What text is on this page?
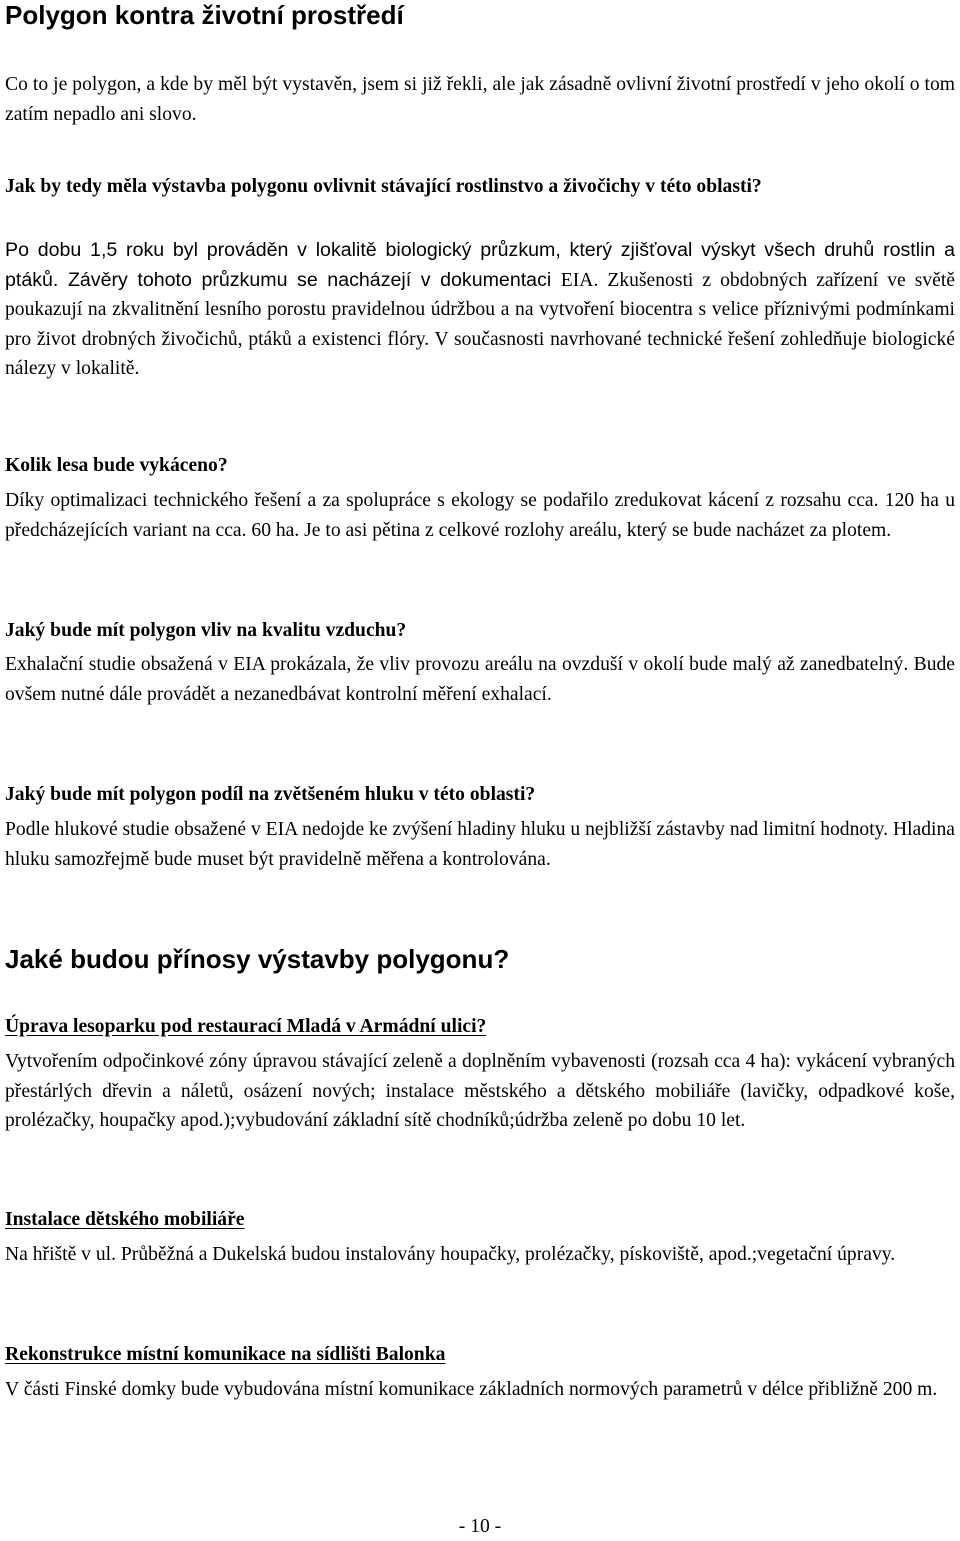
Polygon kontra životní prostředí

Co to je polygon, a kde by měl být vystavěn, jsem si již řekli, ale jak zásadně ovlivní životní prostředí v jeho okolí o tom zatím nepadlo ani slovo.

Jak by tedy měla výstavba polygonu ovlivnit stávající rostlinstvo a živočichy v této oblasti?

Po dobu 1,5 roku byl prováděn v lokalitě biologický průzkum, který zjišťoval výskyt všech druhů rostlin a ptáků. Závěry tohoto průzkumu se nacházejí v dokumentaci EIA. Zkušenosti z obdobných zařízení ve světě poukazují na zkvalitnění lesního porostu pravidelnou údržbou a na vytvoření biocentra s velice příznivými podmínkami pro život drobných živočichů, ptáků a existenci flóry. V současnosti navrhované technické řešení zohledňuje biologické nálezy v lokalitě.

Kolik lesa bude vykáceno?

Díky optimalizaci technického řešení a za spolupráce s ekology se podařilo zredukovat kácení z rozsahu cca. 120 ha u předcházejících variant na cca. 60 ha. Je to asi pětina z celkové rozlohy areálu, který se bude nacházet za plotem.

Jaký bude mít polygon vliv na kvalitu vzduchu?

Exhalační studie obsažená v EIA prokázala, že vliv provozu areálu na ovzduší v okolí bude malý až zanedbatelný. Bude ovšem nutné dále provádět a nezanedbávat kontrolní měření exhalací.

Jaký bude mít polygon podíl na zvětšeném hluku v této oblasti?

Podle hlukové studie obsažené v EIA nedojde ke zvýšení hladiny hluku u nejbližší zástavby nad limitní hodnoty. Hladina hluku samozřejmě bude muset být pravidelně měřena a kontrolována.

Jaké budou přínosy výstavby polygonu?

Úprava lesoparku pod restaurací Mladá v Armádní ulici?

Vytvořením odpočinkové zóny úpravou stávající zeleně a doplněním vybavenosti (rozsah cca 4 ha): vykácení vybraných přestárlých dřevin a náletů, osázení nových; instalace městského a dětského mobiliáře (lavičky, odpadkové koše, prolézačky, houpačky apod.);vybudování základní sítě chodníků;údržba zeleně po dobu 10 let.

Instalace dětského mobiliáře

Na hřiště v ul. Průběžná a Dukelská budou instalovány houpačky, prolézačky, pískoviště, apod.;vegetační úpravy.

Rekonstrukce místní komunikace na sídlišti Balonka

V části Finské domky bude vybudována místní komunikace základních normových parametrů v délce přibližně 200 m.

- 10 -
